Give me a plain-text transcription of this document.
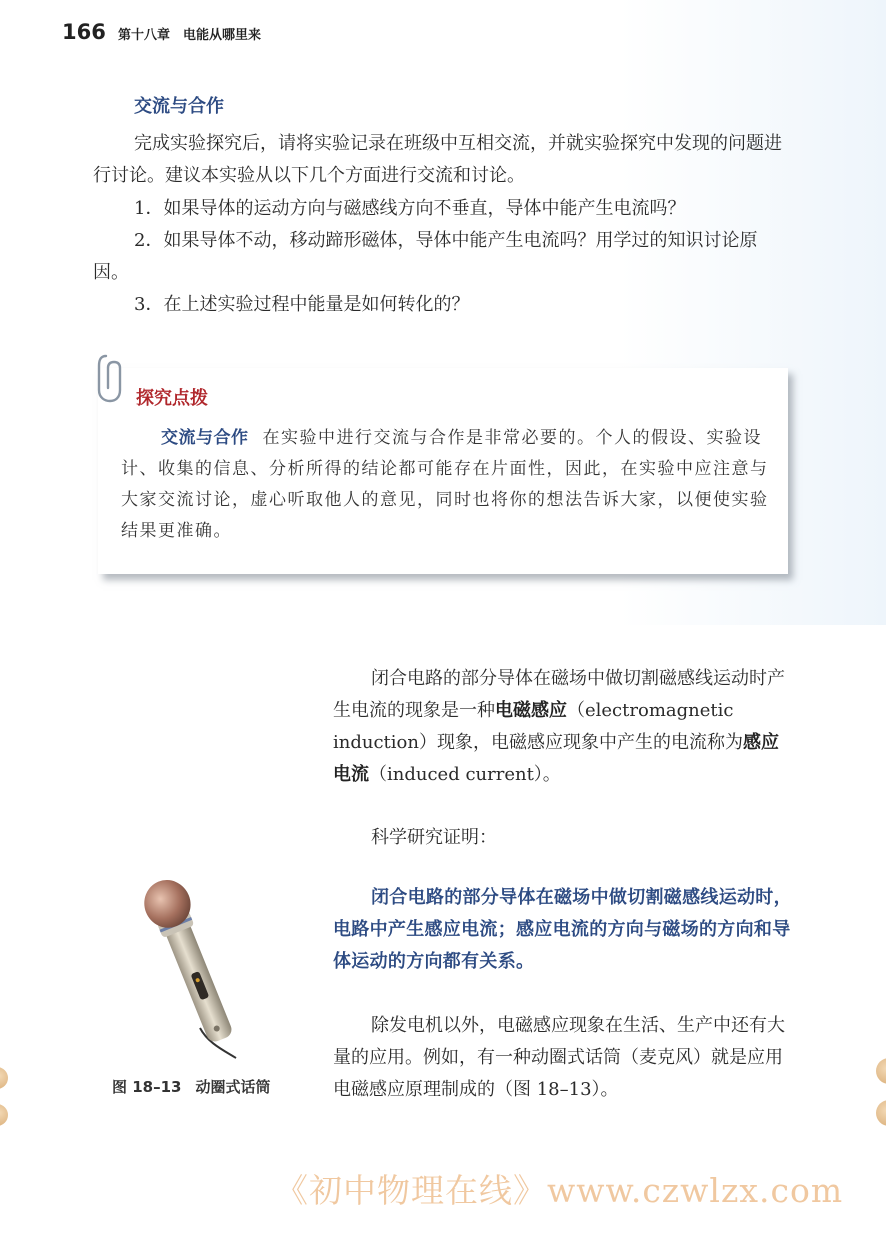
166 第十八章　电能从哪里来
交流与合作
完成实验探究后，请将实验记录在班级中互相交流，并就实验探究中发现的问题进行讨论。建议本实验从以下几个方面进行交流和讨论。
1．如果导体的运动方向与磁感线方向不垂直，导体中能产生电流吗？
2．如果导体不动，移动蹄形磁体，导体中能产生电流吗？用学过的知识讨论原因。
3．在上述实验过程中能量是如何转化的？
探究点拨
交流与合作 在实验中进行交流与合作是非常必要的。个人的假设、实验设计、收集的信息、分析所得的结论都可能存在片面性，因此，在实验中应注意与大家交流讨论，虚心听取他人的意见，同时也将你的想法告诉大家，以便使实验结果更准确。
闭合电路的部分导体在磁场中做切割磁感线运动时产生电流的现象是一种电磁感应（electromagnetic induction）现象，电磁感应现象中产生的电流称为感应电流（induced current）。
科学研究证明：
闭合电路的部分导体在磁场中做切割磁感线运动时，电路中产生感应电流；感应电流的方向与磁场的方向和导体运动的方向都有关系。
除发电机以外，电磁感应现象在生活、生产中还有大量的应用。例如，有一种动圈式话筒（麦克风）就是应用电磁感应原理制成的（图 18–13）。
图 18–13 动圈式话筒
《初中物理在线》www.czwlzx.com
